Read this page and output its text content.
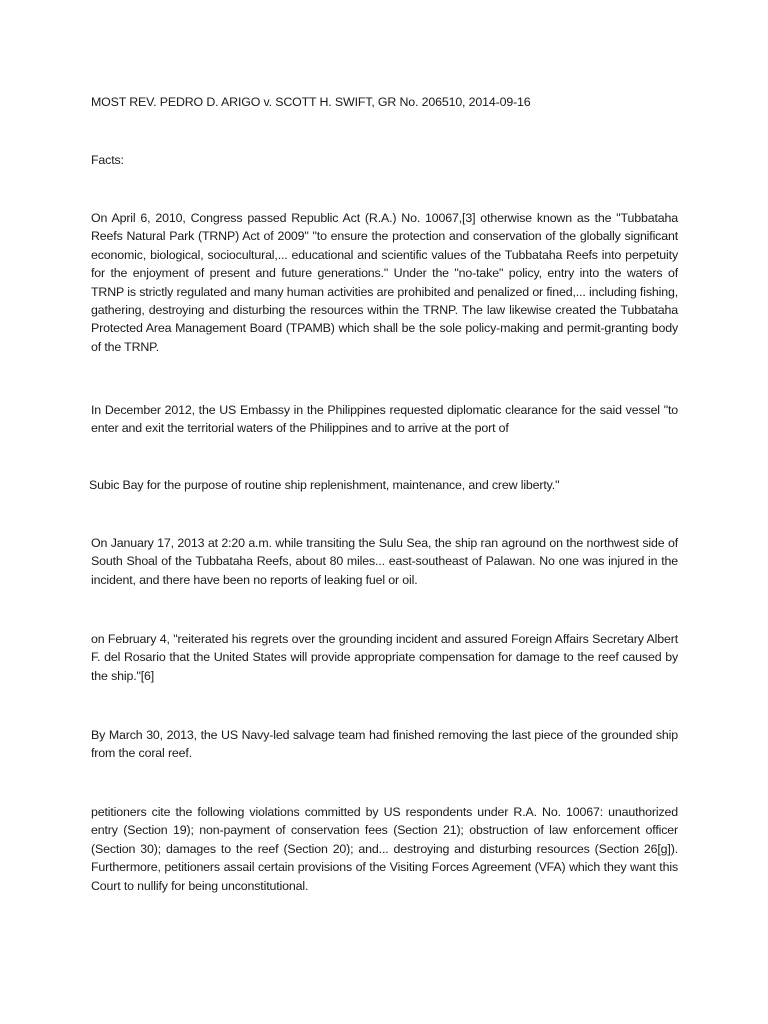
MOST REV. PEDRO D. ARIGO v. SCOTT H. SWIFT, GR No. 206510, 2014-09-16

Facts:

On April 6, 2010, Congress passed Republic Act (R.A.) No. 10067,[3] otherwise known as the "Tubbataha Reefs Natural Park (TRNP) Act of 2009" "to ensure the protection and conservation of the globally significant economic, biological, sociocultural,... educational and scientific values of the Tubbataha Reefs into perpetuity for the enjoyment of present and future generations." Under the "no-take" policy, entry into the waters of TRNP is strictly regulated and many human activities are prohibited and penalized or fined,... including fishing, gathering, destroying and disturbing the resources within the TRNP. The law likewise created the Tubbataha Protected Area Management Board (TPAMB) which shall be the sole policy-making and permit-granting body of the TRNP.

In December 2012, the US Embassy in the Philippines requested diplomatic clearance for the said vessel "to enter and exit the territorial waters of the Philippines and to arrive at the port of

Subic Bay for the purpose of routine ship replenishment, maintenance, and crew liberty."

On January 17, 2013 at 2:20 a.m. while transiting the Sulu Sea, the ship ran aground on the northwest side of South Shoal of the Tubbataha Reefs, about 80 miles... east-southeast of Palawan. No one was injured in the incident, and there have been no reports of leaking fuel or oil.

on February 4, "reiterated his regrets over the grounding incident and assured Foreign Affairs Secretary Albert F. del Rosario that the United States will provide appropriate compensation for damage to the reef caused by the ship."[6]

By March 30, 2013, the US Navy-led salvage team had finished removing the last piece of the grounded ship from the coral reef.

petitioners cite the following violations committed by US respondents under R.A. No. 10067: unauthorized entry (Section 19); non-payment of conservation fees (Section 21); obstruction of law enforcement officer (Section 30); damages to the reef (Section 20); and... destroying and disturbing resources (Section 26[g]). Furthermore, petitioners assail certain provisions of the Visiting Forces Agreement (VFA) which they want this Court to nullify for being unconstitutional.
